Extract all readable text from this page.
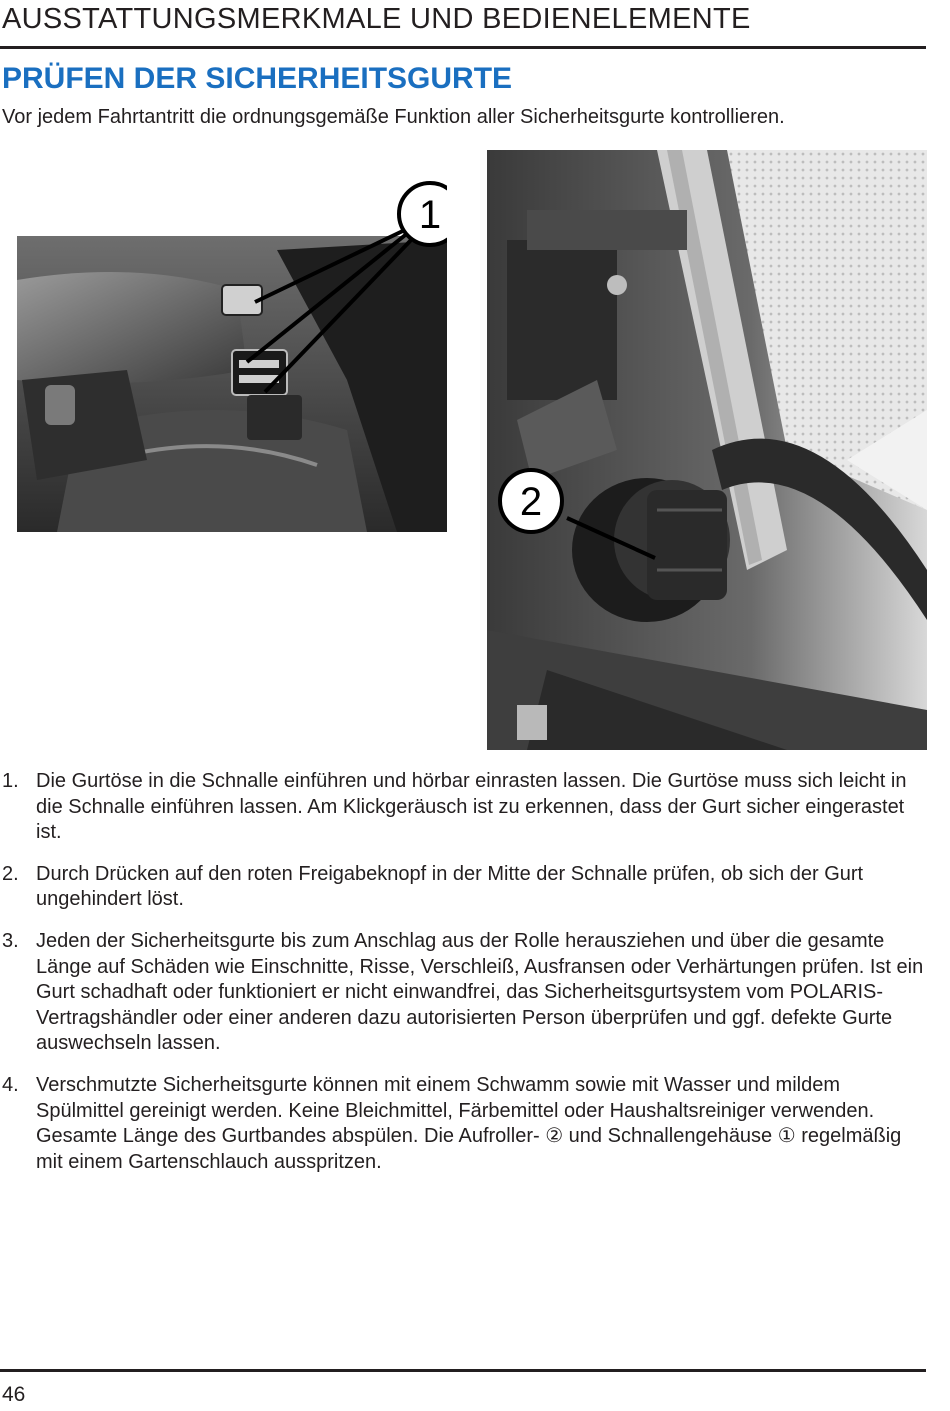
AUSSTATTUNGSMERKMALE UND BEDIENELEMENTE
PRÜFEN DER SICHERHEITSGURTE
Vor jedem Fahrtantritt die ordnungsgemäße Funktion aller Sicherheitsgurte kontrollieren.
1
2
1. Die Gurtöse in die Schnalle einführen und hörbar einrasten lassen. Die Gurtöse muss sich leicht in die Schnalle einführen lassen. Am Klickgeräusch ist zu erkennen, dass der Gurt sicher eingerastet ist.
2. Durch Drücken auf den roten Freigabeknopf in der Mitte der Schnalle prüfen, ob sich der Gurt ungehindert löst.
3. Jeden der Sicherheitsgurte bis zum Anschlag aus der Rolle herausziehen und über die gesamte Länge auf Schäden wie Einschnitte, Risse, Verschleiß, Ausfransen oder Verhärtungen prüfen. Ist ein Gurt schadhaft oder funktioniert er nicht einwandfrei, das Sicherheitsgurtsystem vom POLARIS-Vertragshändler oder einer anderen dazu autorisierten Person überprüfen und ggf. defekte Gurte auswechseln lassen.
4. Verschmutzte Sicherheitsgurte können mit einem Schwamm sowie mit Wasser und mildem Spülmittel gereinigt werden. Keine Bleichmittel, Färbemittel oder Haushaltsreiniger verwenden. Gesamte Länge des Gurtbandes abspülen. Die Aufroller- ② und Schnallengehäuse ① regelmäßig mit einem Gartenschlauch ausspritzen.
46
